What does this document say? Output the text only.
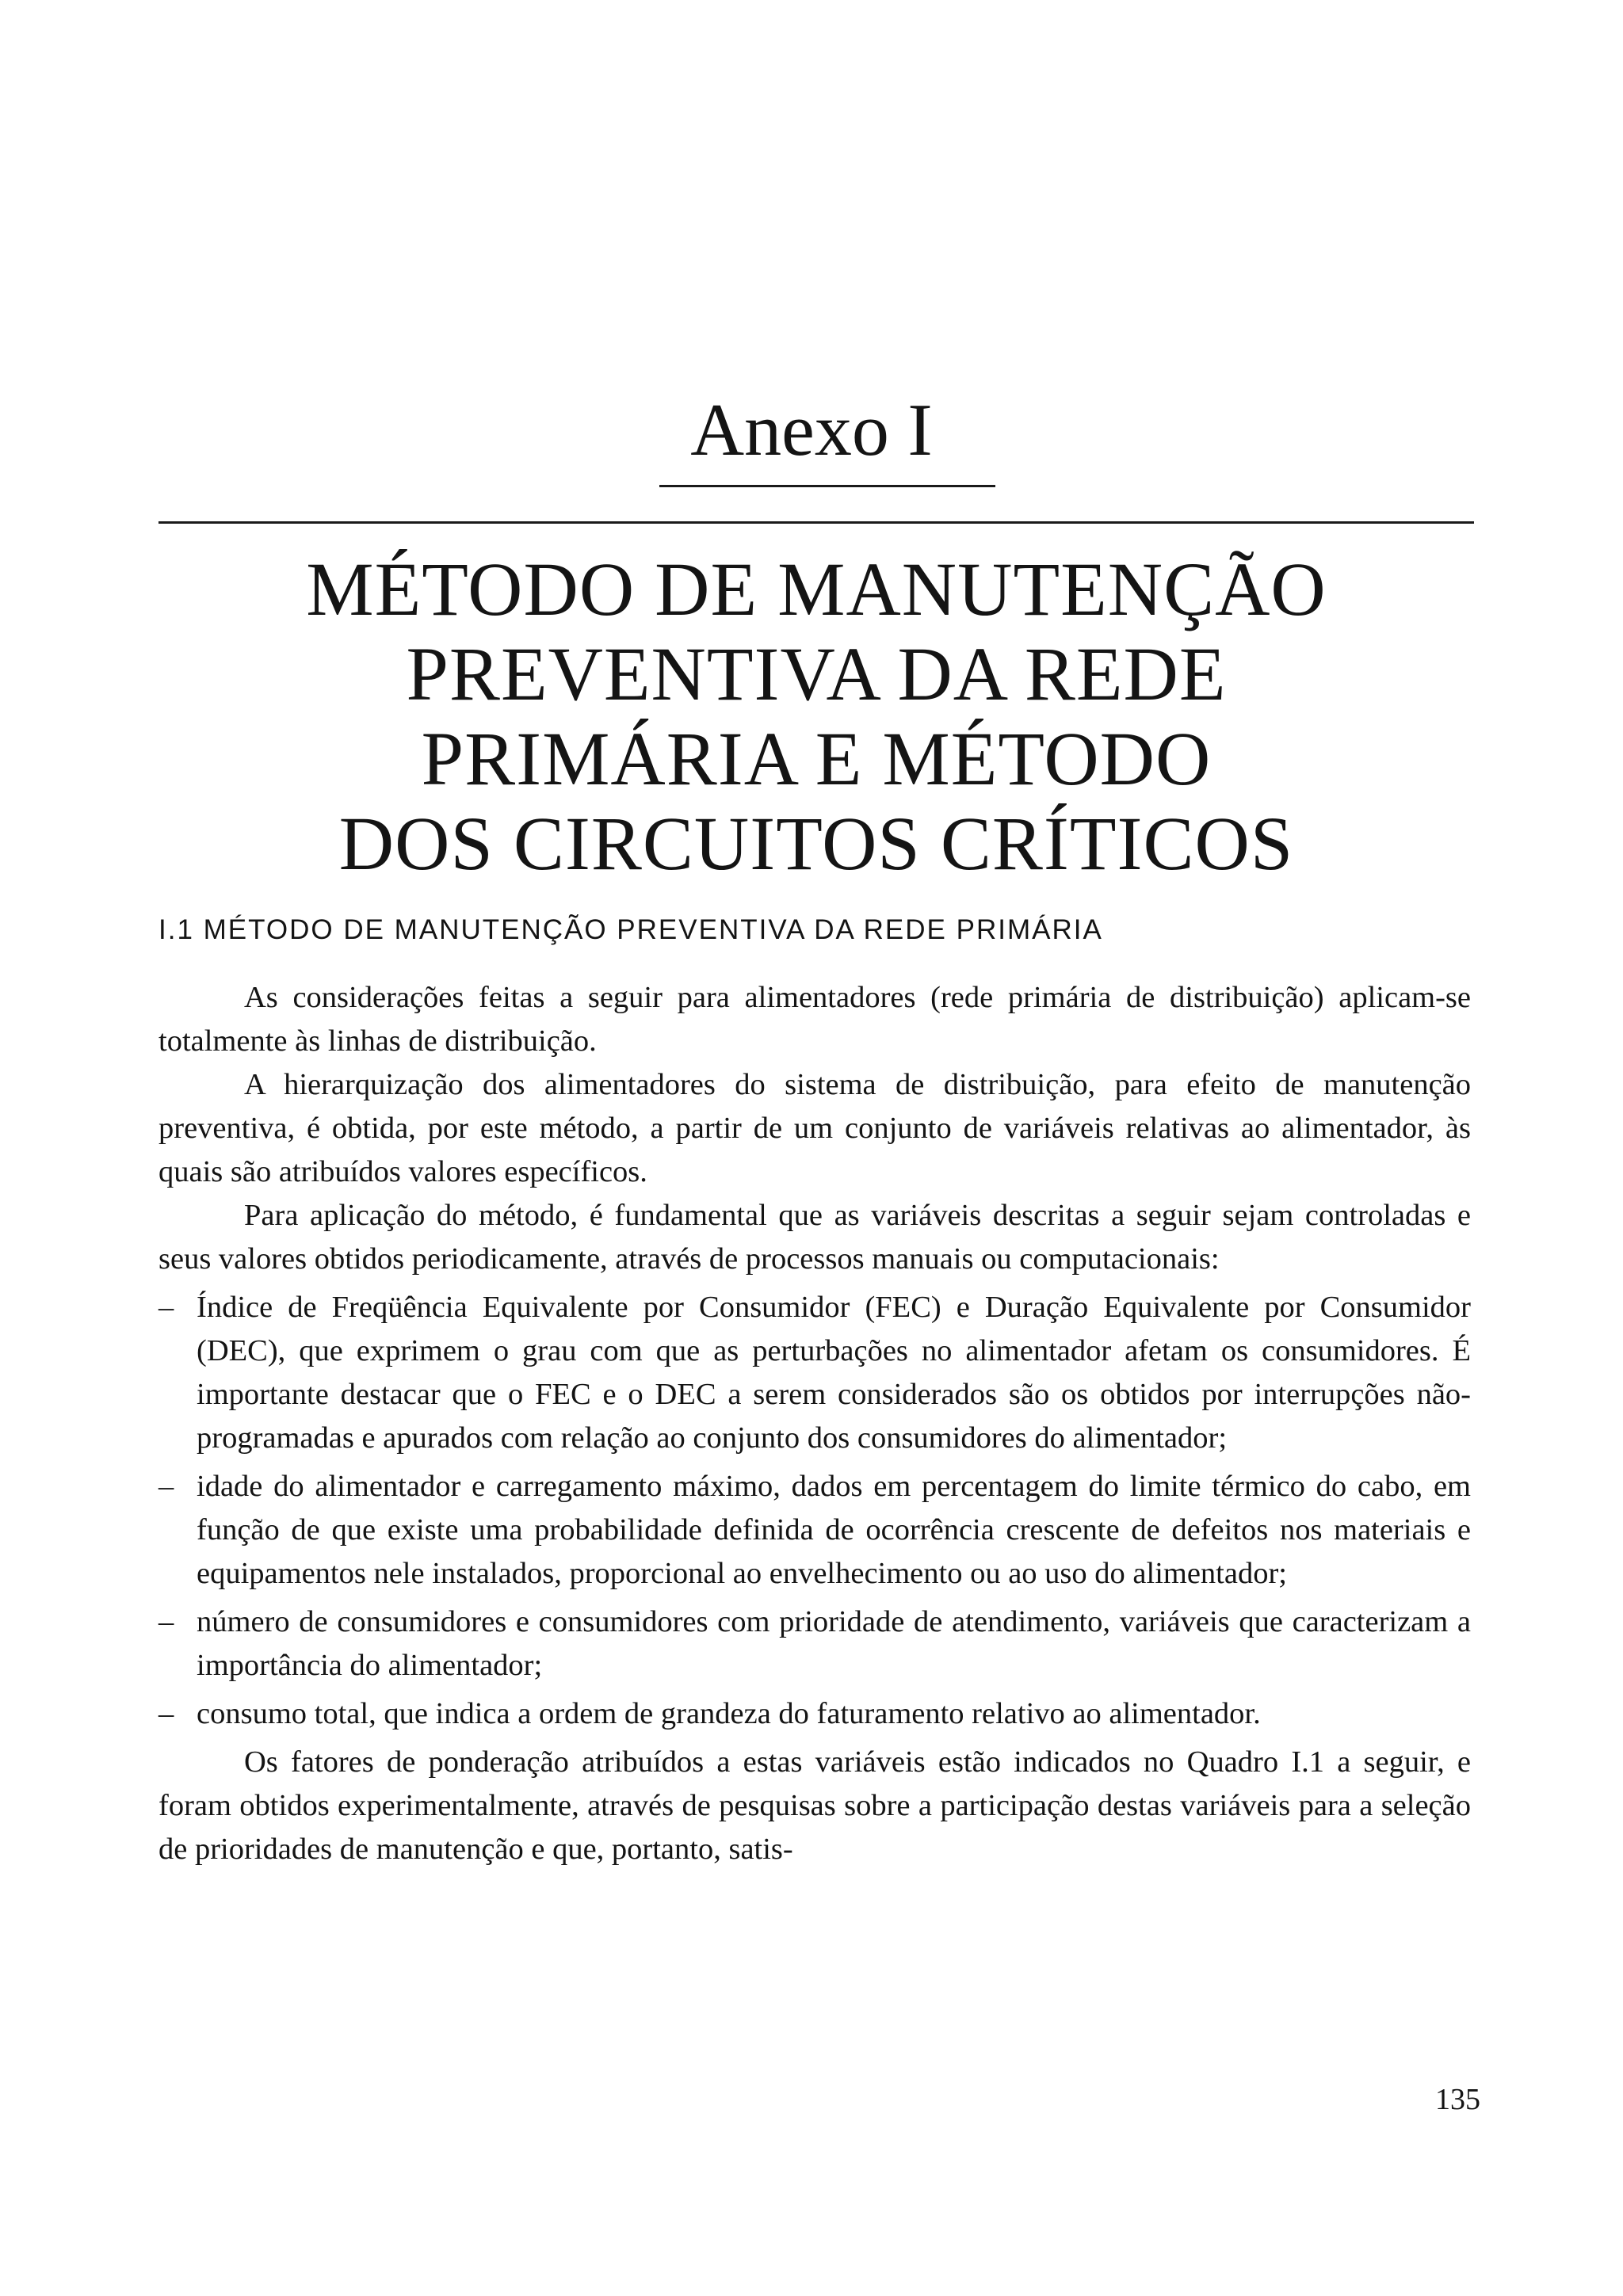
Anexo I
MÉTODO DE MANUTENÇÃO
PREVENTIVA DA REDE
PRIMÁRIA E MÉTODO
DOS CIRCUITOS CRÍTICOS
I.1 MÉTODO DE MANUTENÇÃO PREVENTIVA DA REDE PRIMÁRIA

As considerações feitas a seguir para alimentadores (rede primária de distribuição) aplicam-se totalmente às linhas de distribuição.

A hierarquização dos alimentadores do sistema de distribuição, para efeito de manutenção preventiva, é obtida, por este método, a partir de um conjunto de variáveis relativas ao alimentador, às quais são atribuídos valores específicos.

Para aplicação do método, é fundamental que as variáveis descritas a seguir sejam controladas e seus valores obtidos periodicamente, através de processos manuais ou computacionais:

– Índice de Freqüência Equivalente por Consumidor (FEC) e Duração Equivalente por Consumidor (DEC), que exprimem o grau com que as perturbações no alimentador afetam os consumidores. É importante destacar que o FEC e o DEC a serem considerados são os obtidos por interrupções não-programadas e apurados com relação ao conjunto dos consumidores do alimentador;
– idade do alimentador e carregamento máximo, dados em percentagem do limite térmico do cabo, em função de que existe uma probabilidade definida de ocorrência crescente de defeitos nos materiais e equipamentos nele instalados, proporcional ao envelhecimento ou ao uso do alimentador;
– número de consumidores e consumidores com prioridade de atendimento, variáveis que caracterizam a importância do alimentador;
– consumo total, que indica a ordem de grandeza do faturamento relativo ao alimentador.

Os fatores de ponderação atribuídos a estas variáveis estão indicados no Quadro I.1 a seguir, e foram obtidos experimentalmente, através de pesquisas sobre a participação destas variáveis para a seleção de prioridades de manutenção e que, portanto, satis-

135
